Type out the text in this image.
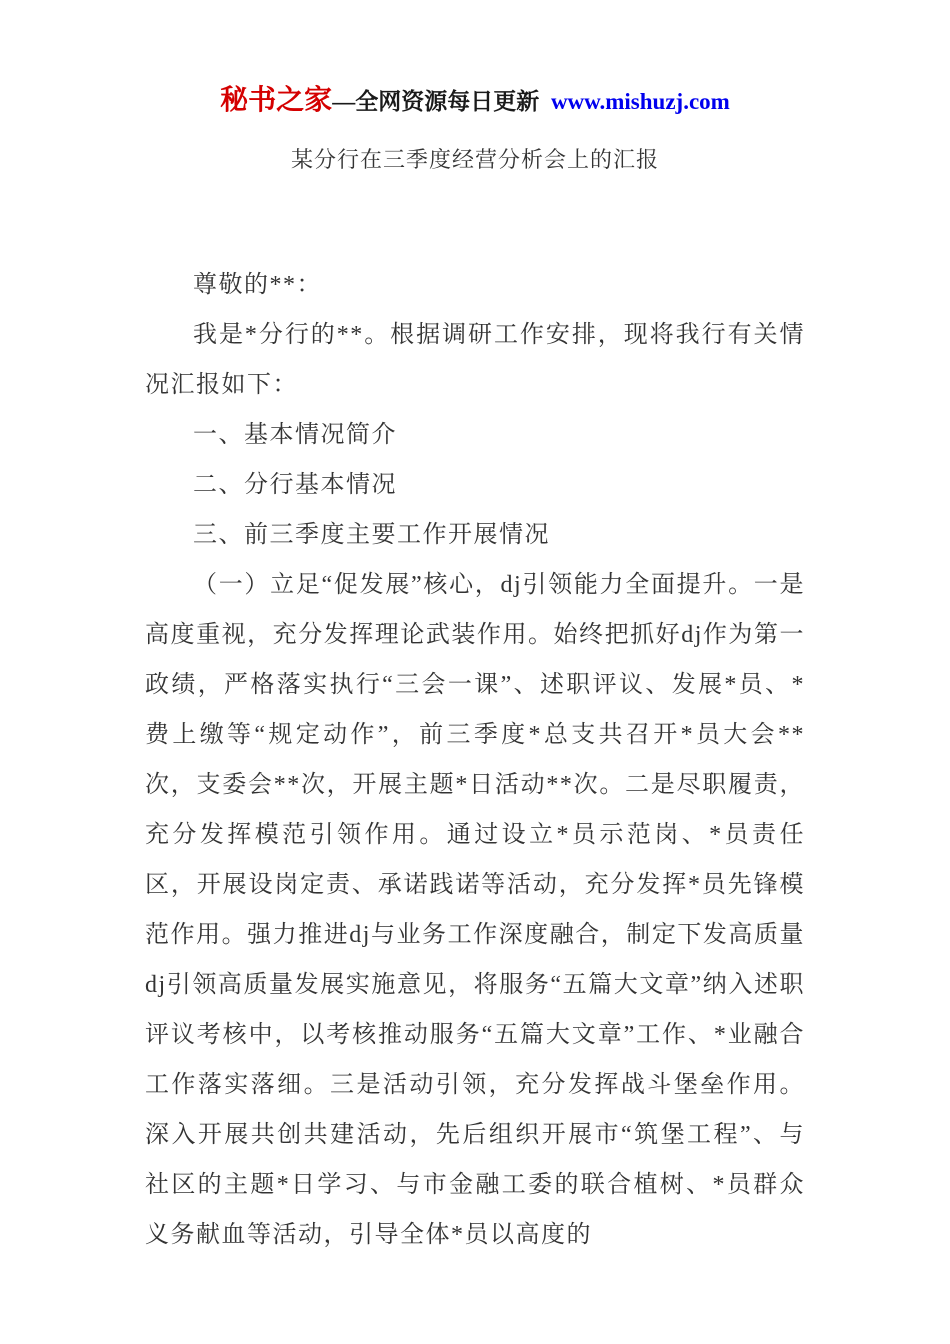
秘书之家—全网资源每日更新 www.mishuzj.com
某分行在三季度经营分析会上的汇报

尊敬的**：

我是*分行的**。根据调研工作安排，现将我行有关情况汇报如下：

一、基本情况简介

二、分行基本情况

三、前三季度主要工作开展情况

（一）立足“促发展”核心，dj引领能力全面提升。一是高度重视，充分发挥理论武装作用。始终把抓好dj作为第一政绩，严格落实执行“三会一课”、述职评议、发展*员、*费上缴等“规定动作”，前三季度*总支共召开*员大会**次，支委会**次，开展主题*日活动**次。二是尽职履责，充分发挥模范引领作用。通过设立*员示范岗、*员责任区，开展设岗定责、承诺践诺等活动，充分发挥*员先锋模范作用。强力推进dj与业务工作深度融合，制定下发高质量dj引领高质量发展实施意见，将服务“五篇大文章”纳入述职评议考核中，以考核推动服务“五篇大文章”工作、*业融合工作落实落细。三是活动引领，充分发挥战斗堡垒作用。深入开展共创共建活动，先后组织开展市“筑堡工程”、与社区的主题*日学习、与市金融工委的联合植树、*员群众义务献血等活动，引导全体*员以高度的
